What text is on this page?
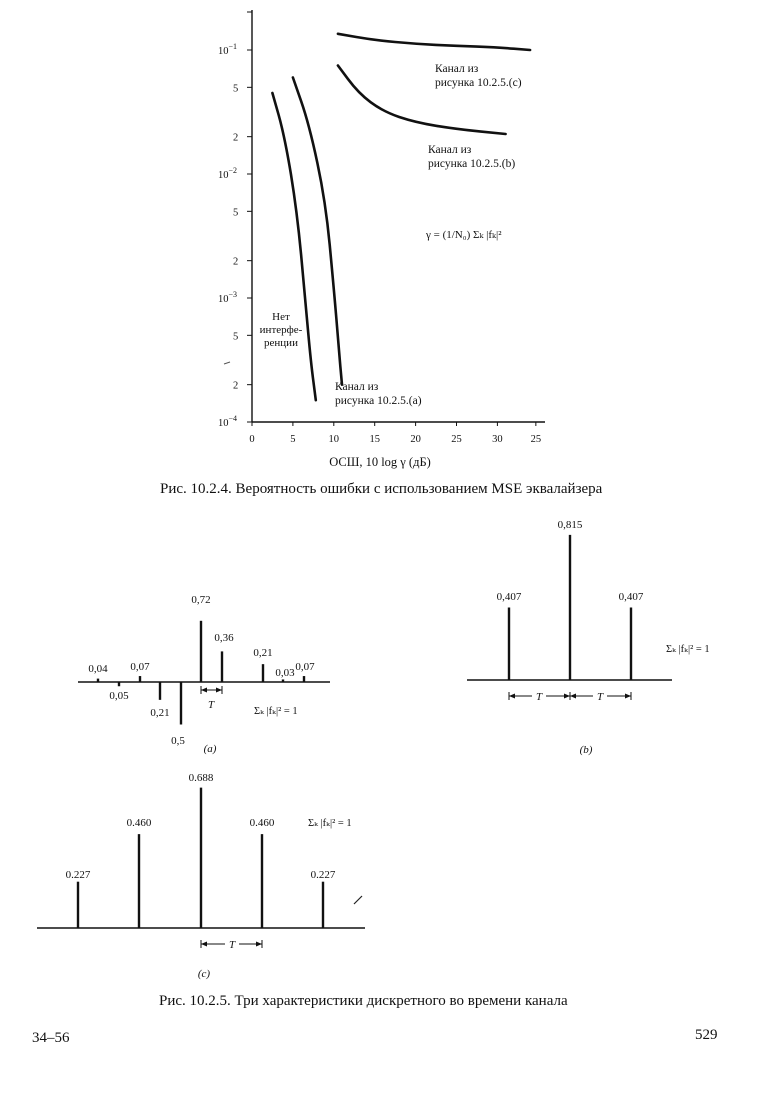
$10^{-1}$
5
2
$10^{-2}$
5
2
$10^{-3}$
5
2
$10^{-4}$
0	5	10	15	20	25	30	25
Канал из
рисунка 10.2.5.(c)
Канал из
рисунка 10.2.5.(b)
Канал из
рисунка 10.2.5.(a)
Нет
интерфе-
ренции
γ = (1/N₀) Σₖ |fₖ|²
ОСШ, 10 log γ (дБ)
0,04
0,05
0,07
0,21
0,5
0,72
0,36
0,21
0,03 0,07
T
Σₖ |fₖ|² = 1
(a)
0,407
0,815
0,407
T	T
Σₖ |fₖ|² = 1
(b)
0.227
0.460
0.688
0.460
0.227
T
Σₖ |fₖ|² = 1
(c)
Рис. 10.2.4. Вероятность ошибки с использованием MSE эквалайзера
Рис. 10.2.5. Три характеристики дискретного во времени канала
34–56	529
